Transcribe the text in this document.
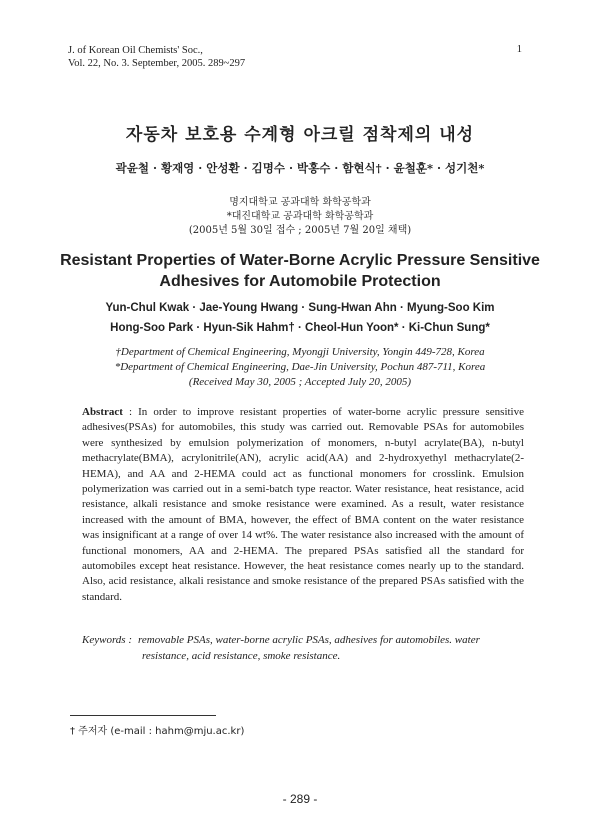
J. of Korean Oil Chemists' Soc.,
Vol. 22, No. 3. September, 2005. 289~297
1
자동차 보호용 수계형 아크릴 점착제의 내성
곽윤철 · 황재영 · 안성환 · 김명수 · 박홍수 · 함현식† · 윤철훈* · 성기천*
명지대학교 공과대학 화학공학과
*대진대학교 공과대학 화학공학과
(2005년 5월 30일 접수 ; 2005년 7월 20일 채택)
Resistant Properties of Water-Borne Acrylic Pressure Sensitive
Adhesives for Automobile Protection
Yun-Chul Kwak · Jae-Young Hwang · Sung-Hwan Ahn · Myung-Soo Kim
Hong-Soo Park · Hyun-Sik Hahm† · Cheol-Hun Yoon* · Ki-Chun Sung*
†Department of Chemical Engineering, Myongji University, Yongin 449-728, Korea
*Department of Chemical Engineering, Dae-Jin University, Pochun 487-711, Korea
(Received May 30, 2005 ; Accepted July 20, 2005)
Abstract : In order to improve resistant properties of water-borne acrylic pressure sensitive adhesives(PSAs) for automobiles, this study was carried out. Removable PSAs for automobiles were synthesized by emulsion polymerization of monomers, n-butyl acrylate(BA), n-butyl methacrylate(BMA), acrylonitrile(AN), acrylic acid(AA) and 2-hydroxyethyl methacrylate(2-HEMA), and AA and 2-HEMA could act as functional monomers for crosslink. Emulsion polymerization was carried out in a semi-batch type reactor. Water resistance, heat resistance, acid resistance, alkali resistance and smoke resistance were examined. As a result, water resistance increased with the amount of BMA, however, the effect of BMA content on the water resistance was insignificant at a range of over 14 wt%. The water resistance also increased with the amount of functional monomers, AA and 2-HEMA. The prepared PSAs satisfied all the standard for automobiles except heat resistance. However, the heat resistance comes nearly up to the standard. Also, acid resistance, alkali resistance and smoke resistance of the prepared PSAs satisfied with the standard.
Keywords : removable PSAs, water-borne acrylic PSAs, adhesives for automobiles. water
resistance, acid resistance, smoke resistance.
† 주저자 (e-mail : hahm@mju.ac.kr)
- 289 -
